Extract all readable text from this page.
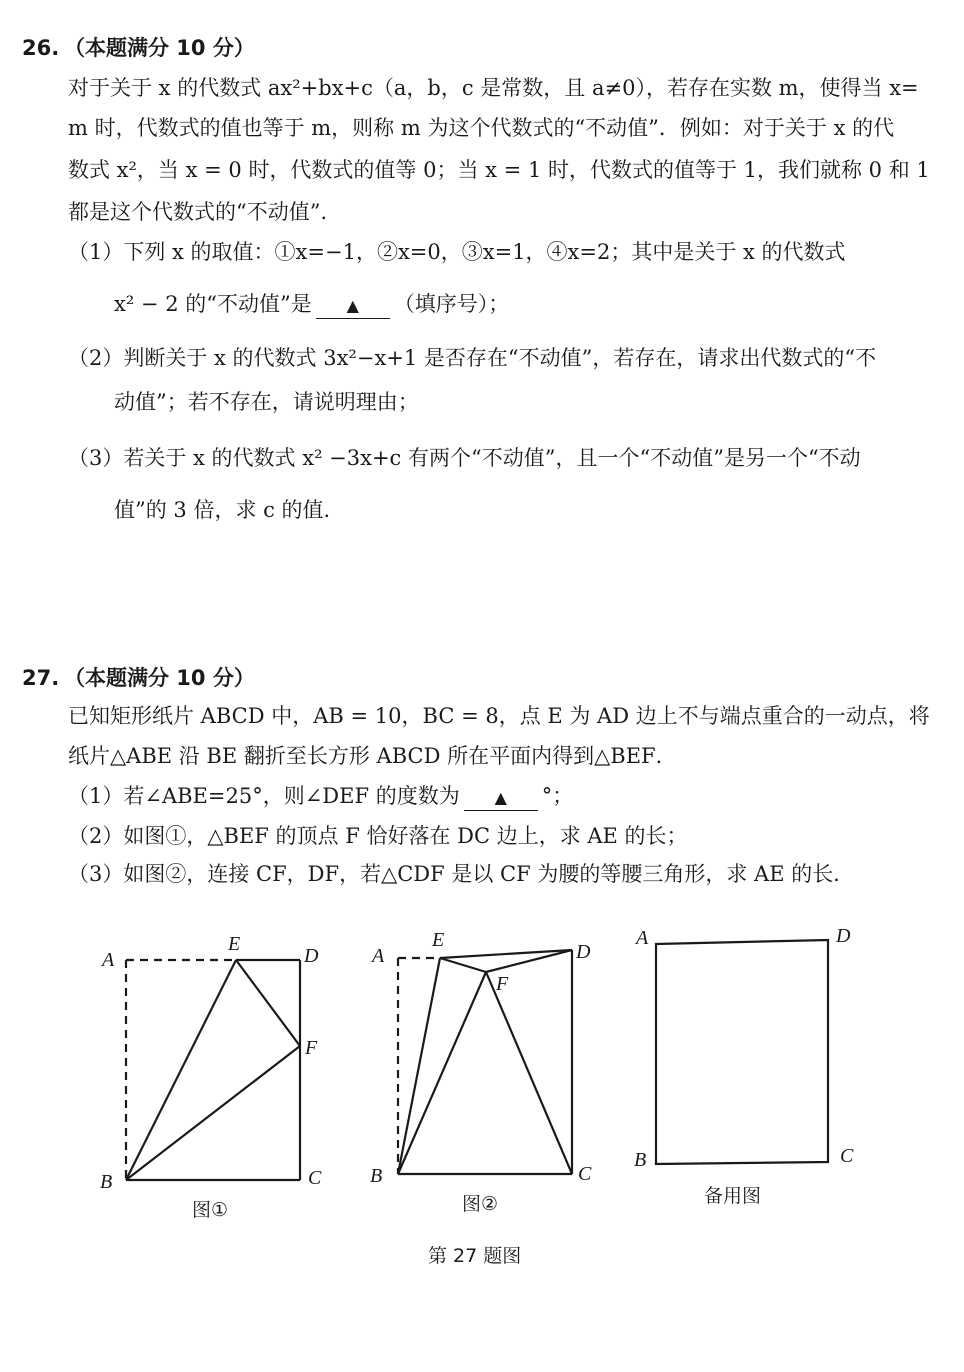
26. （本题满分 10 分）
对于关于 x 的代数式 ax²+bx+c（a，b，c 是常数，且 a≠0），若存在实数 m，使得当 x=
m 时，代数式的值也等于 m，则称 m 为这个代数式的“不动值”．例如：对于关于 x 的代
数式 x²，当 x = 0 时，代数式的值等 0；当 x = 1 时，代数式的值等于 1，我们就称 0 和 1
都是这个代数式的“不动值”．
（1）下列 x 的取值：①x=−1，②x=0，③x=1，④x=2；其中是关于 x 的代数式
x² − 2 的“不动值”是 ▲ （填序号）；
（2）判断关于 x 的代数式 3x²−x+1 是否存在“不动值”，若存在，请求出代数式的“不
动值”；若不存在，请说明理由；
（3）若关于 x 的代数式 x² −3x+c 有两个“不动值”，且一个“不动值”是另一个“不动
值”的 3 倍，求 c 的值．
27. （本题满分 10 分）
已知矩形纸片 ABCD 中，AB = 10，BC = 8，点 E 为 AD 边上不与端点重合的一动点，将
纸片△ABE 沿 BE 翻折至长方形 ABCD 所在平面内得到△BEF．
（1）若∠ABE=25°，则∠DEF 的度数为 ▲ °；
（2）如图①，△BEF 的顶点 F 恰好落在 DC 边上，求 AE 的长；
（3）如图②，连接 CF，DF，若△CDF 是以 CF 为腰的等腰三角形，求 AE 的长．
A
E
D
F
B	C
图①
A
E
D
F
B	C
图②
A	D
B	C
备用图
第 27 题图
